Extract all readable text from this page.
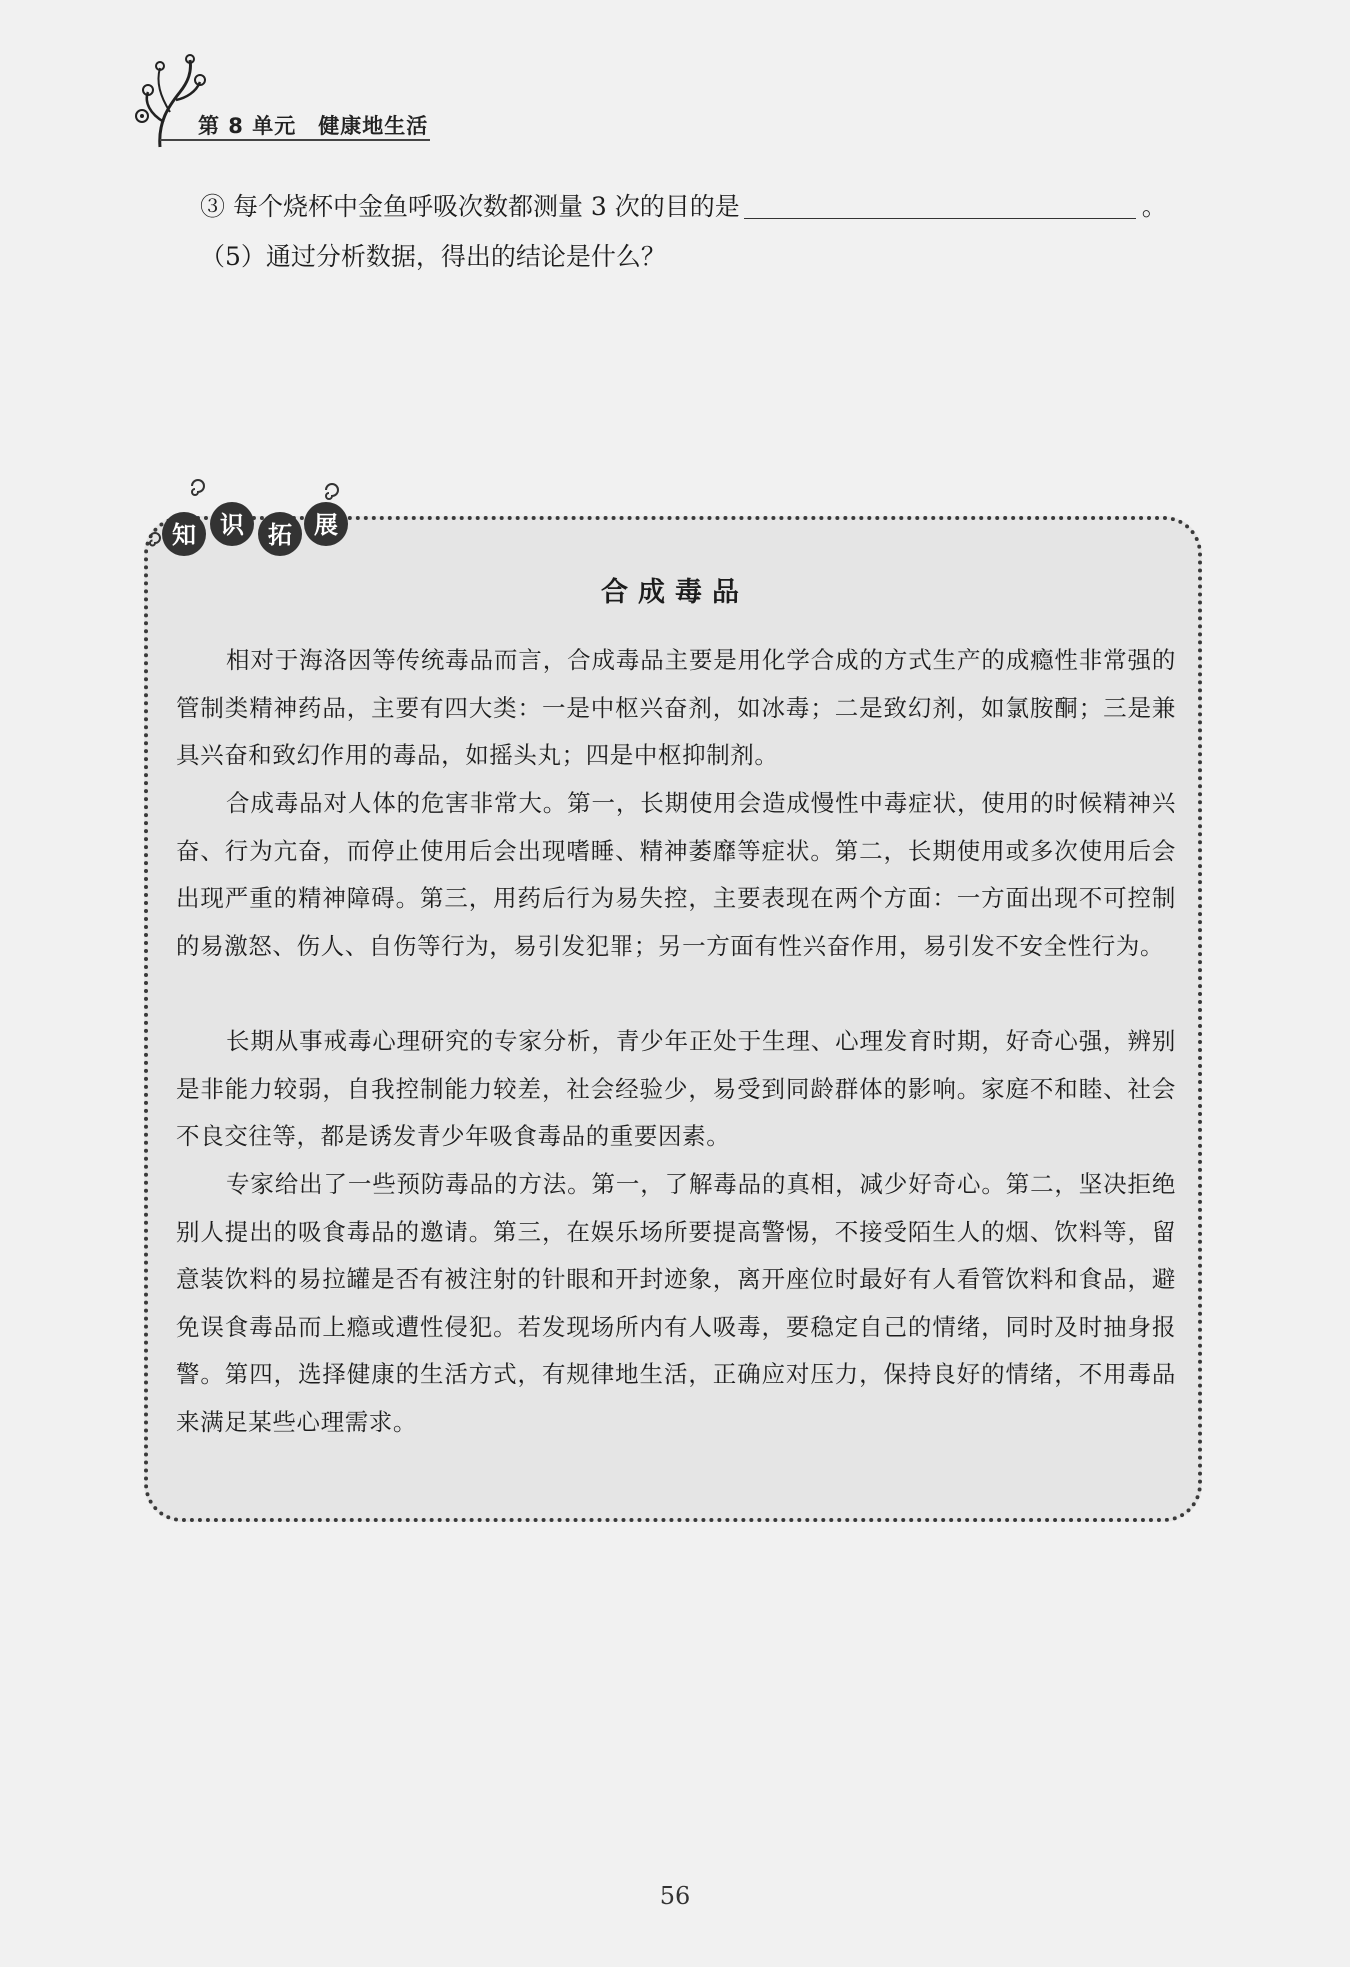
第 8 单元 健康地生活
③ 每个烧杯中金鱼呼吸次数都测量 3 次的目的是	。
（5）通过分析数据，得出的结论是什么？
知 识 拓 展
合成毒品
相对于海洛因等传统毒品而言，合成毒品主要是用化学合成的方式生产的成瘾性非常强的管制类精神药品，主要有四大类：一是中枢兴奋剂，如冰毒；二是致幻剂，如氯胺酮；三是兼具兴奋和致幻作用的毒品，如摇头丸；四是中枢抑制剂。
合成毒品对人体的危害非常大。第一，长期使用会造成慢性中毒症状，使用的时候精神兴奋、行为亢奋，而停止使用后会出现嗜睡、精神萎靡等症状。第二，长期使用或多次使用后会出现严重的精神障碍。第三，用药后行为易失控，主要表现在两个方面：一方面出现不可控制的易激怒、伤人、自伤等行为，易引发犯罪；另一方面有性兴奋作用，易引发不安全性行为。
长期从事戒毒心理研究的专家分析，青少年正处于生理、心理发育时期，好奇心强，辨别是非能力较弱，自我控制能力较差，社会经验少，易受到同龄群体的影响。家庭不和睦、社会不良交往等，都是诱发青少年吸食毒品的重要因素。
专家给出了一些预防毒品的方法。第一，了解毒品的真相，减少好奇心。第二，坚决拒绝别人提出的吸食毒品的邀请。第三，在娱乐场所要提高警惕，不接受陌生人的烟、饮料等，留意装饮料的易拉罐是否有被注射的针眼和开封迹象，离开座位时最好有人看管饮料和食品，避免误食毒品而上瘾或遭性侵犯。若发现场所内有人吸毒，要稳定自己的情绪，同时及时抽身报警。第四，选择健康的生活方式，有规律地生活，正确应对压力，保持良好的情绪，不用毒品来满足某些心理需求。
56
